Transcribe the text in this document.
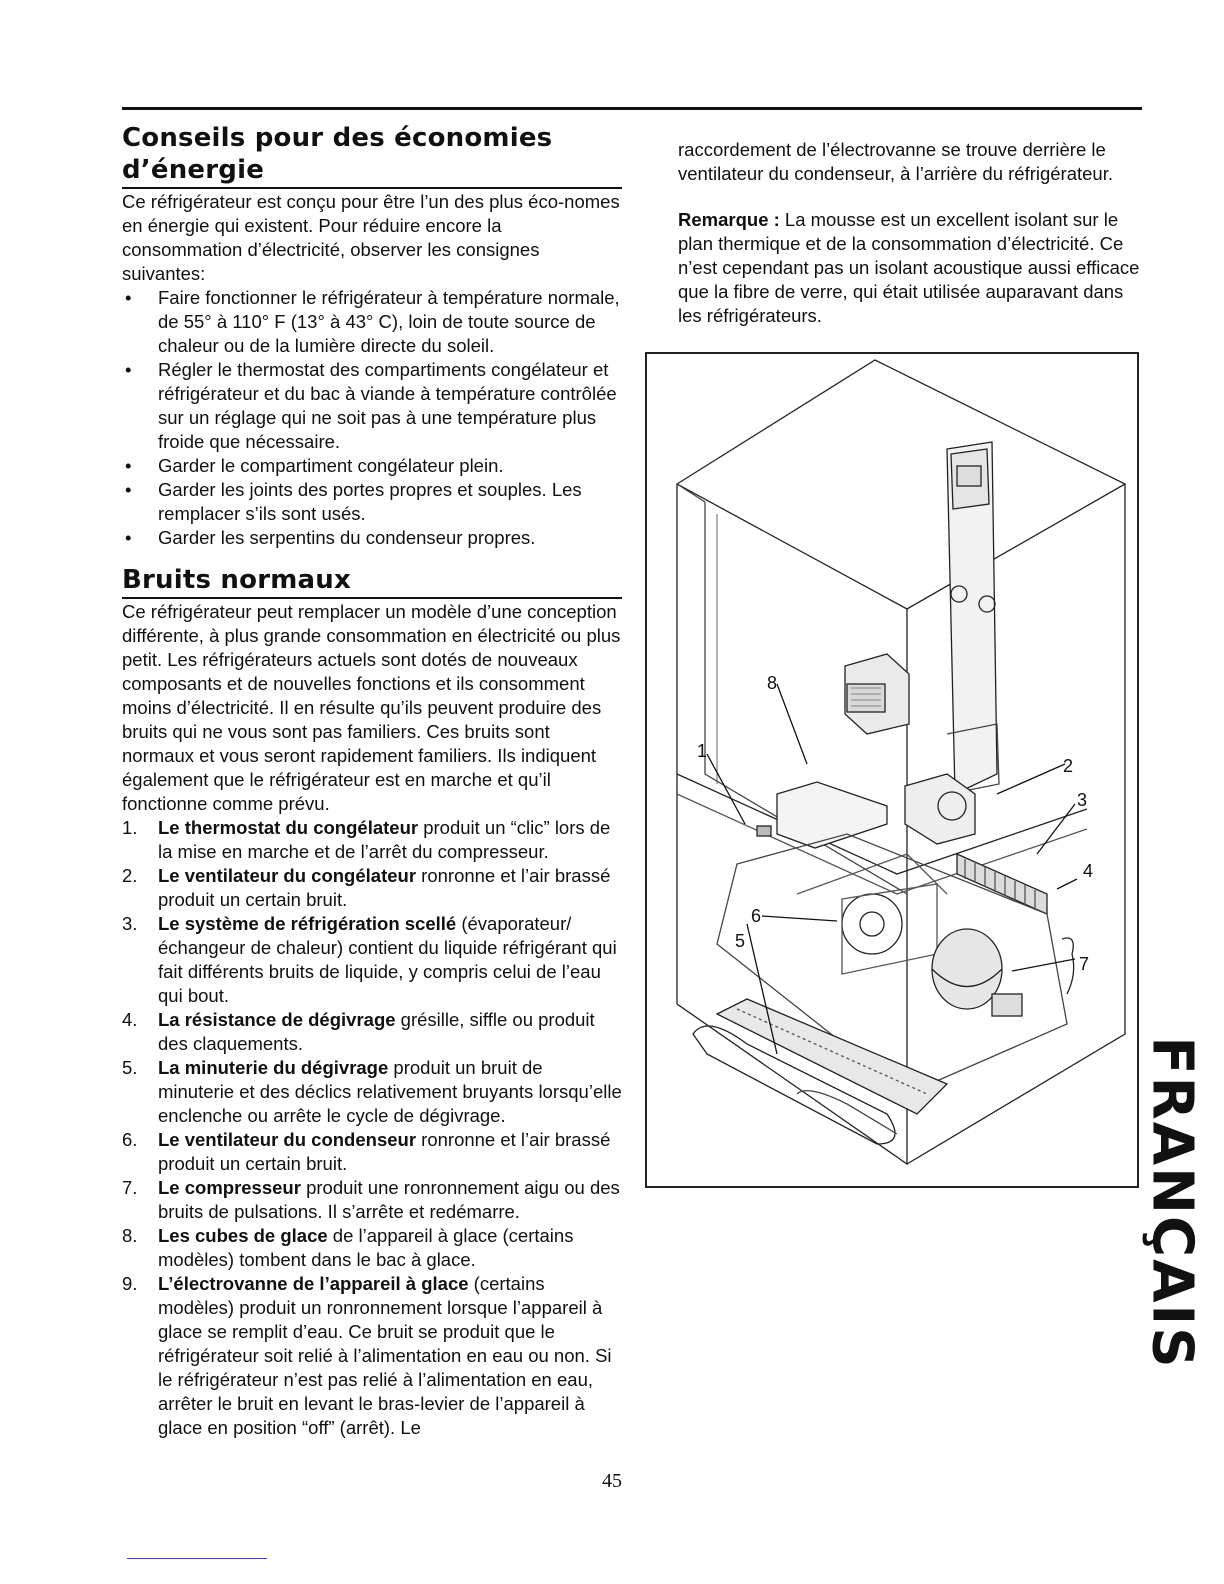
Conseils pour des économies d’énergie

Ce réfrigérateur est conçu pour être l’un des plus éco-nomes en énergie qui existent. Pour réduire encore la consommation d’électricité, observer les consignes suivantes:

• Faire fonctionner le réfrigérateur à température normale, de 55° à 110° F (13° à 43° C), loin de toute source de chaleur ou de la lumière directe du soleil.
• Régler le thermostat des compartiments congélateur et réfrigérateur et du bac à viande à température contrôlée sur un réglage qui ne soit pas à une température plus froide que nécessaire.
• Garder le compartiment congélateur plein.
• Garder les joints des portes propres et souples. Les remplacer s’ils sont usés.
• Garder les serpentins du condenseur propres.
Bruits normaux

Ce réfrigérateur peut remplacer un modèle d’une conception différente, à plus grande consommation en électricité ou plus petit. Les réfrigérateurs actuels sont dotés de nouveaux composants et de nouvelles fonctions et ils consomment moins d’électricité. Il en résulte qu’ils peuvent produire des bruits qui ne vous sont pas familiers. Ces bruits sont normaux et vous seront rapidement familiers. Ils indiquent également que le réfrigérateur est en marche et qu’il fonctionne comme prévu.

1. Le thermostat du congélateur produit un “clic” lors de la mise en marche et de l’arrêt du compresseur.
2. Le ventilateur du congélateur ronronne et l’air brassé produit un certain bruit.
3. Le système de réfrigération scellé (évaporateur/ échangeur de chaleur) contient du liquide réfrigérant qui fait différents bruits de liquide, y compris celui de l’eau qui bout.
4. La résistance de dégivrage grésille, siffle ou produit des claquements.
5. La minuterie du dégivrage produit un bruit de minuterie et des déclics relativement bruyants lorsqu’elle enclenche ou arrête le cycle de dégivrage.
6. Le ventilateur du condenseur ronronne et l’air brassé produit un certain bruit.
7. Le compresseur produit une ronronnement aigu ou des bruits de pulsations. Il s’arrête et redémarre.
8. Les cubes de glace de l’appareil à glace (certains modèles) tombent dans le bac à glace.
9. L’électrovanne de l’appareil à glace (certains modèles) produit un ronronnement lorsque l’appareil à glace se remplit d’eau. Ce bruit se produit que le réfrigérateur soit relié à l’alimentation en eau ou non. Si le réfrigérateur n’est pas relié à l’alimentation en eau, arrêter le bruit en levant le bras-levier de l’appareil à glace en position “off” (arrêt). Le

raccordement de l’électrovanne se trouve derrière le ventilateur du condenseur, à l’arrière du réfrigérateur.

Remarque : La mousse est un excellent isolant sur le plan thermique et de la consommation d’électricité. Ce n’est cependant pas un isolant acoustique aussi efficace que la fibre de verre, qui était utilisée auparavant dans les réfrigérateurs.

1
2
3
4
5
6
7
8
FRANÇAIS
45
